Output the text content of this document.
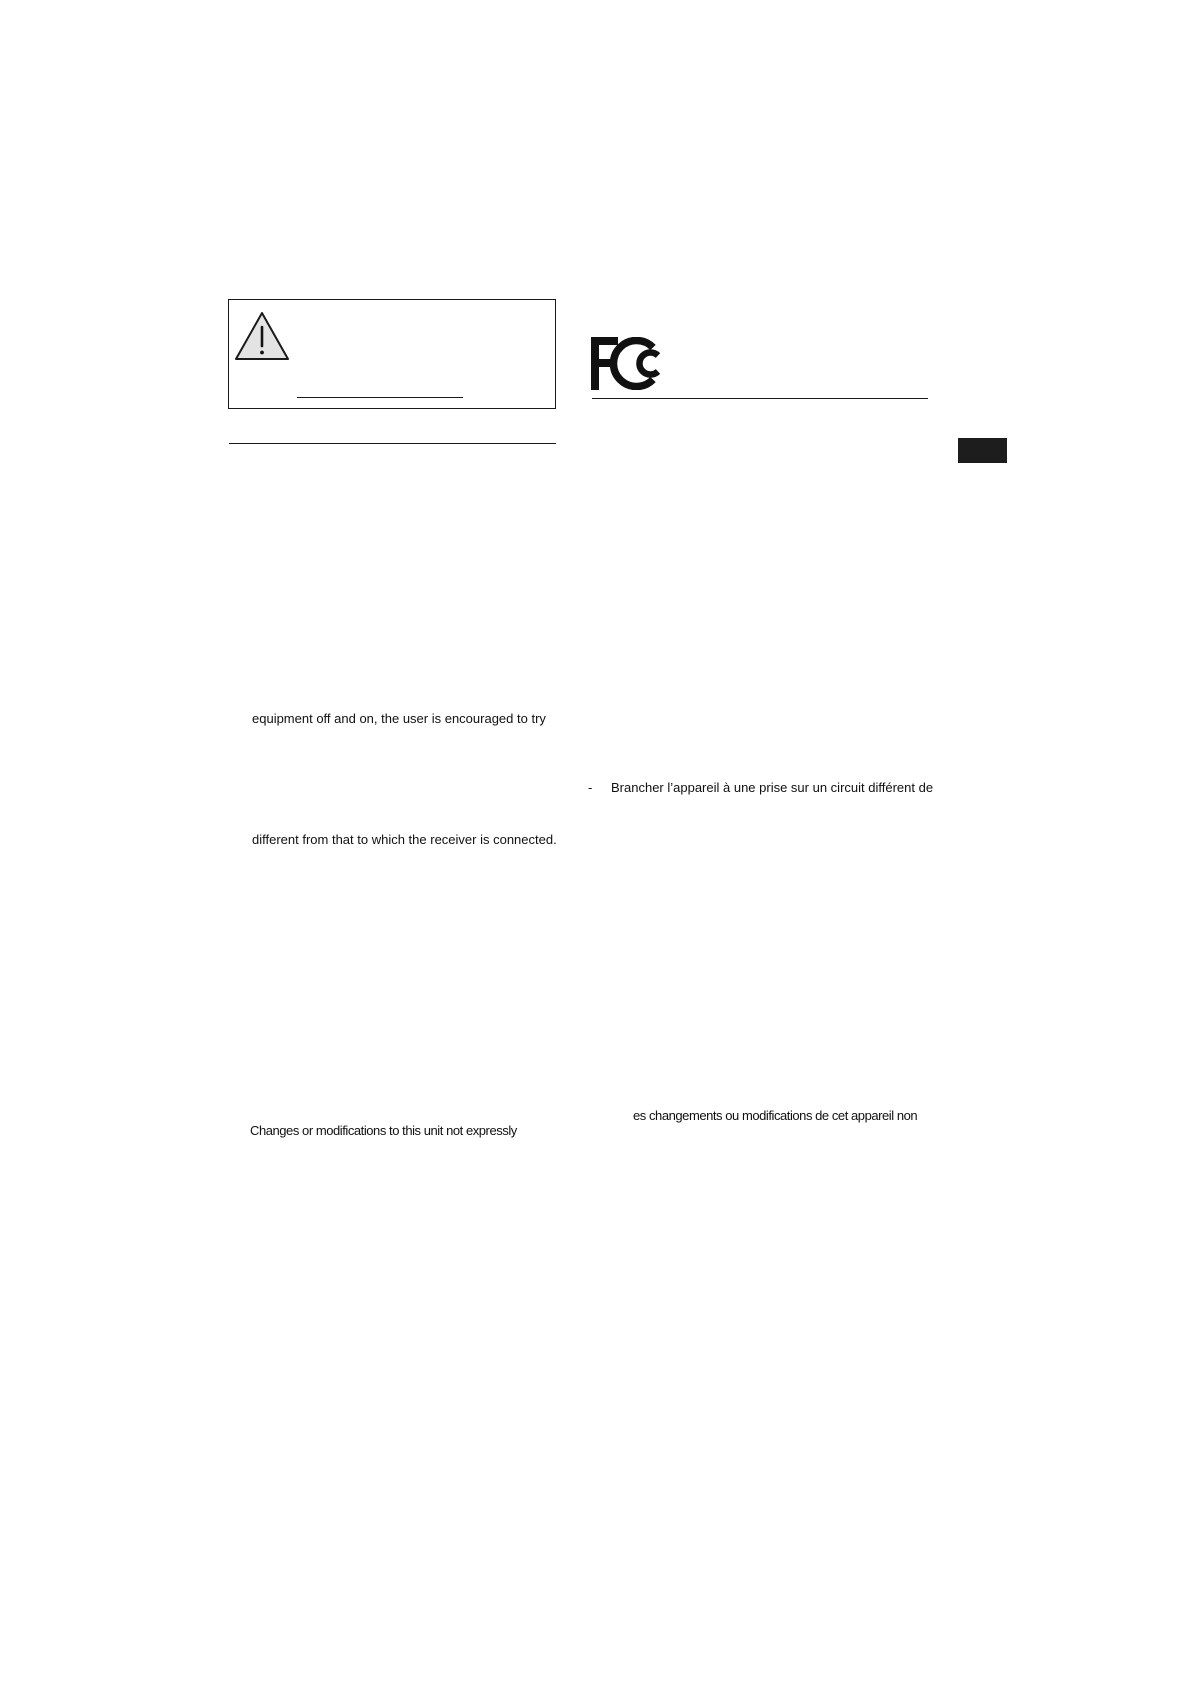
equipment off and on, the user is encouraged to try
different from that to which the receiver is connected.
Changes or modifications to this unit not expressly
- Brancher l’appareil à une prise sur un circuit différent de
es changements ou modifications de cet appareil non
